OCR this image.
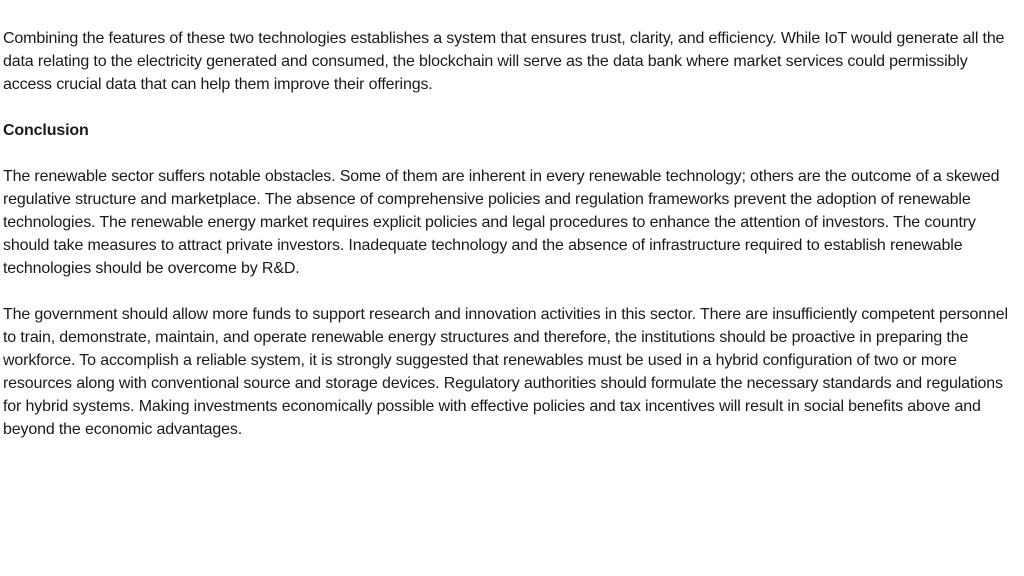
Combining the features of these two technologies establishes a system that ensures trust, clarity, and efficiency. While IoT would generate all the data relating to the electricity generated and consumed, the blockchain will serve as the data bank where market services could permissibly access crucial data that can help them improve their offerings.

Conclusion

The renewable sector suffers notable obstacles. Some of them are inherent in every renewable technology; others are the outcome of a skewed regulative structure and marketplace. The absence of comprehensive policies and regulation frameworks prevent the adoption of renewable technologies. The renewable energy market requires explicit policies and legal procedures to enhance the attention of investors. The country should take measures to attract private investors. Inadequate technology and the absence of infrastructure required to establish renewable technologies should be overcome by R&D.

The government should allow more funds to support research and innovation activities in this sector. There are insufficiently competent personnel to train, demonstrate, maintain, and operate renewable energy structures and therefore, the institutions should be proactive in preparing the workforce. To accomplish a reliable system, it is strongly suggested that renewables must be used in a hybrid configuration of two or more resources along with conventional source and storage devices. Regulatory authorities should formulate the necessary standards and regulations for hybrid systems. Making investments economically possible with effective policies and tax incentives will result in social benefits above and beyond the economic advantages.
